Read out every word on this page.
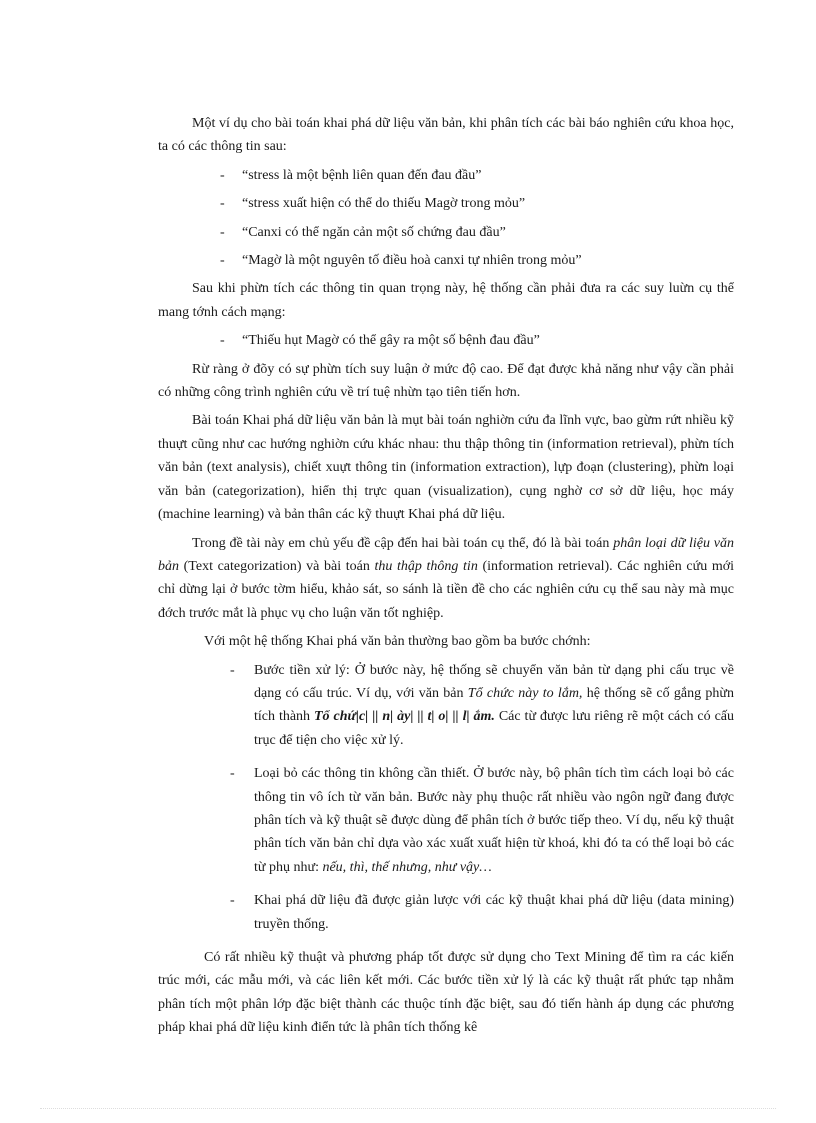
Một ví dụ cho bài toán khai phá dữ liệu văn bản, khi phân tích các bài báo nghiên cứu khoa học, ta có các thông tin sau:

- “stress là một bệnh liên quan đến đau đầu”
- “stress xuất hiện có thể do thiếu Magờ trong mỏu”
- “Canxi có thể ngăn cản một số chứng đau đầu”
- “Magờ là một nguyên tố điều hoà canxi tự nhiên trong mỏu”

Sau khi phừn tích các thông tin quan trọng này, hệ thống cần phải đưa ra các suy luừn cụ thể mang tớnh cách mạng:

- “Thiếu hụt Magờ có thể gây ra một số bệnh đau đầu”

Rừ ràng ở đõy có sự phừn tích suy luận ở mức độ cao. Để đạt được khả năng như vậy cần phải có những công trình nghiên cứu về trí tuệ nhừn tạo tiên tiến hơn.

Bài toán Khai phá dữ liệu văn bản là mụt bài toán nghiờn cứu đa lĩnh vực, bao gừm rứt nhiều kỹ thuựt cũng như cac hướng nghiờn cứu khác nhau: thu thập thông tin (information retrieval), phừn tích văn bản (text analysis), chiết xuựt thông tin (information extraction), lựp đoạn (clustering), phừn loại văn bản (categorization), hiển thị trực quan (visualization), cụng nghờ cơ sở dữ liệu, học máy (machine learning) và bản thân các kỹ thuựt Khai phá dữ liệu.

Trong đề tài này em chủ yếu đề cập đến hai bài toán cụ thể, đó là bài toán phân loại dữ liệu văn bản (Text categorization) và bài toán thu thập thông tin (information retrieval). Các nghiên cứu mới chỉ dừng lại ở bước tờm hiểu, khảo sát, so sánh là tiền đề cho các nghiên cứu cụ thể sau này mà mục đớch trước mắt là phục vụ cho luận văn tốt nghiệp.

Với một hệ thống Khai phá văn bản thường bao gồm ba bước chớnh:

- Bước tiền xử lý: Ở bước này, hệ thống sẽ chuyển văn bản từ dạng phi cấu trục về dạng có cấu trúc. Ví dụ, với văn bản Tổ chức này to lắm, hệ thống sẽ cố gắng phừn tích thành Tổ chứ|c| || n| ày| || t| o| || l| ắm. Các từ được lưu riêng rẽ một cách có cấu trục để tiện cho việc xử lý.
- Loại bỏ các thông tin không cần thiết. Ở bước này, bộ phân tích tìm cách loại bỏ các thông tin vô ích từ văn bản. Bước này phụ thuộc rất nhiều vào ngôn ngữ đang được phân tích và kỹ thuật sẽ được dùng để phân tích ở bước tiếp theo. Ví dụ, nếu kỹ thuật phân tích văn bản chỉ dựa vào xác xuất xuất hiện từ khoá, khi đó ta có thể loại bỏ các từ phụ như: nếu, thì, thế nhưng, như vậy…
- Khai phá dữ liệu đã được giản lược với các kỹ thuật khai phá dữ liệu (data mining) truyền thống.

Có rất nhiều kỹ thuật và phương pháp tốt được sử dụng cho Text Mining để tìm ra các kiến trúc mới, các mẫu mới, và các liên kết mới. Các bước tiền xử lý là các kỹ thuật rất phức tạp nhằm phân tích một phân lớp đặc biệt thành các thuộc tính đặc biệt, sau đó tiến hành áp dụng các phương pháp khai phá dữ liệu kinh điển tức là phân tích thống kê
